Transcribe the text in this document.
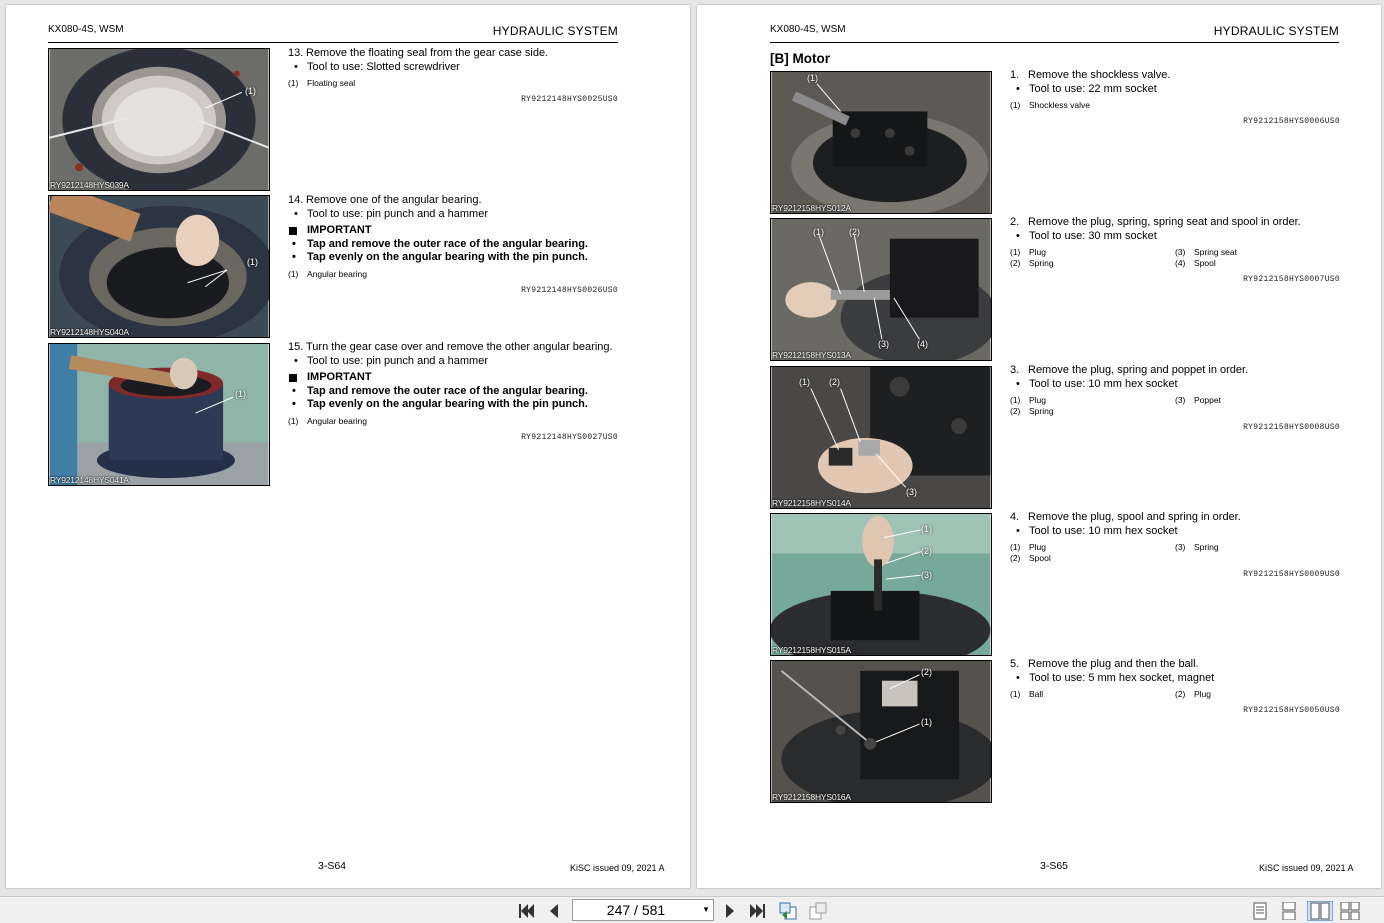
KX080-4S, WSM	HYDRAULIC SYSTEM
(1)
RY9212148HYS039A
13. Remove the floating seal from the gear case side.
• Tool to use: Slotted screwdriver
(1) Floating seal
RY9212148HYS0025US0
(1)
RY9212148HYS040A
14. Remove one of the angular bearing.
• Tool to use: pin punch and a hammer
IMPORTANT
• Tap and remove the outer race of the angular bearing.
• Tap evenly on the angular bearing with the pin punch.
(1) Angular bearing
RY9212148HYS0026US0
(1)
RY9212148HYS041A
15. Turn the gear case over and remove the other angular bearing.
• Tool to use: pin punch and a hammer
IMPORTANT
• Tap and remove the outer race of the angular bearing.
• Tap evenly on the angular bearing with the pin punch.
(1) Angular bearing
RY9212148HYS0027US0
3-S64	KiSC issued 09, 2021 A
KX080-4S, WSM	HYDRAULIC SYSTEM
[B] Motor
(1)
RY9212158HYS012A
1. Remove the shockless valve.
• Tool to use: 22 mm socket
(1) Shockless valve
RY9212158HYS0006US0
(1)	(2)
(3)	(4)
RY9212158HYS013A
2. Remove the plug, spring, spring seat and spool in order.
• Tool to use: 30 mm socket
(1) Plug	(3) Spring seat
(2) Spring	(4) Spool
RY9212158HYS0007US0
(1) (2)
(3)
RY9212158HYS014A
3. Remove the plug, spring and poppet in order.
• Tool to use: 10 mm hex socket
(1) Plug	(3) Poppet
(2) Spring
RY9212158HYS0008US0
(1)
(2)
(3)
RY9212158HYS015A
4. Remove the plug, spool and spring in order.
• Tool to use: 10 mm hex socket
(1) Plug	(3) Spring
(2) Spool
RY9212158HYS0009US0
(2)
(1)
RY9212158HYS016A
5. Remove the plug and then the ball.
• Tool to use: 5 mm hex socket, magnet
(1) Ball	(2) Plug
RY9212158HYS0050US0
3-S65	KiSC issued 09, 2021 A
247 / 581	▼
